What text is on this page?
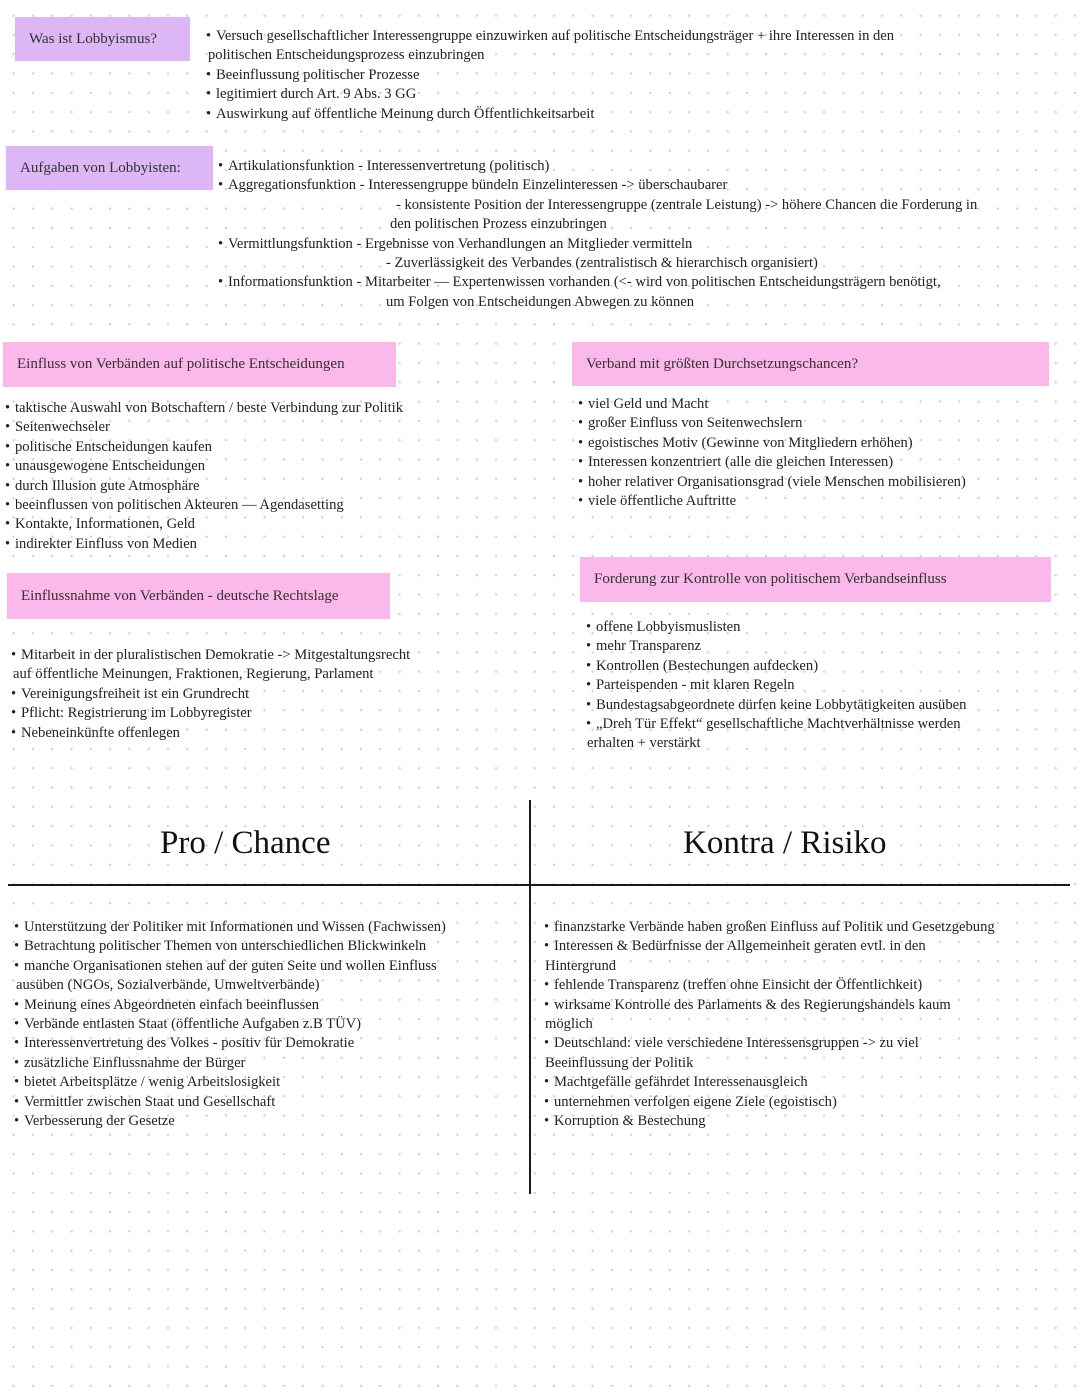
Was ist Lobbyismus?	• Versuch gesellschaftlicher Interessengruppe einzuwirken auf politische Entscheidungsträger + ihre Interessen in den
politischen Entscheidungsprozess einzubringen
• Beeinflussung politischer Prozesse
• legitimiert durch Art. 9 Abs. 3 GG
• Auswirkung auf öffentliche Meinung durch Öffentlichkeitsarbeit
Aufgaben von Lobbyisten:	• Artikulationsfunktion - Interessenvertretung (politisch)
• Aggregationsfunktion - Interessengruppe bündeln Einzelinteressen -> überschaubarer
- konsistente Position der Interessengruppe (zentrale Leistung) -> höhere Chancen die Forderung in
den politischen Prozess einzubringen
• Vermittlungsfunktion - Ergebnisse von Verhandlungen an Mitglieder vermitteln
- Zuverlässigkeit des Verbandes (zentralistisch & hierarchisch organisiert)
• Informationsfunktion - Mitarbeiter — Expertenwissen vorhanden (<- wird von politischen Entscheidungsträgern benötigt,
um Folgen von Entscheidungen Abwegen zu können
Einfluss von Verbänden auf politische Entscheidungen
• taktische Auswahl von Botschaftern / beste Verbindung zur Politik
• Seitenwechseler
• politische Entscheidungen kaufen
• unausgewogene Entscheidungen
• durch Illusion gute Atmosphäre
• beeinflussen von politischen Akteuren — Agendasetting
• Kontakte, Informationen, Geld
• indirekter Einfluss von Medien
Verband mit größten Durchsetzungschancen?
• viel Geld und Macht
• großer Einfluss von Seitenwechslern
• egoistisches Motiv (Gewinne von Mitgliedern erhöhen)
• Interessen konzentriert (alle die gleichen Interessen)
• hoher relativer Organisationsgrad (viele Menschen mobilisieren)
• viele öffentliche Auftritte
Einflussnahme von Verbänden - deutsche Rechtslage
• Mitarbeit in der pluralistischen Demokratie -> Mitgestaltungsrecht
auf öffentliche Meinungen, Fraktionen, Regierung, Parlament
• Vereinigungsfreiheit ist ein Grundrecht
• Pflicht: Registrierung im Lobbyregister
• Nebeneinkünfte offenlegen
Forderung zur Kontrolle von politischem Verbandseinfluss
• offene Lobbyismuslisten
• mehr Transparenz
• Kontrollen (Bestechungen aufdecken)
• Parteispenden - mit klaren Regeln
• Bundestagsabgeordnete dürfen keine Lobbytätigkeiten ausüben
• „Dreh Tür Effekt“ gesellschaftliche Machtverhältnisse werden
erhalten + verstärkt
Pro / Chance	Kontra / Risiko
• Unterstützung der Politiker mit Informationen und Wissen (Fachwissen)
• Betrachtung politischer Themen von unterschiedlichen Blickwinkeln
• manche Organisationen stehen auf der guten Seite und wollen Einfluss
ausüben (NGOs, Sozialverbände, Umweltverbände)
• Meinung eines Abgeordneten einfach beeinflussen
• Verbände entlasten Staat (öffentliche Aufgaben z.B TÜV)
• Interessenvertretung des Volkes - positiv für Demokratie
• zusätzliche Einflussnahme der Bürger
• bietet Arbeitsplätze / wenig Arbeitslosigkeit
• Vermittler zwischen Staat und Gesellschaft
• Verbesserung der Gesetze
• finanzstarke Verbände haben großen Einfluss auf Politik und Gesetzgebung
• Interessen & Bedürfnisse der Allgemeinheit geraten evtl. in den
Hintergrund
• fehlende Transparenz (treffen ohne Einsicht der Öffentlichkeit)
• wirksame Kontrolle des Parlaments & des Regierungshandels kaum
möglich
• Deutschland: viele verschiedene Interessensgruppen -> zu viel
Beeinflussung der Politik
• Machtgefälle gefährdet Interessenausgleich
• unternehmen verfolgen eigene Ziele (egoistisch)
• Korruption & Bestechung
